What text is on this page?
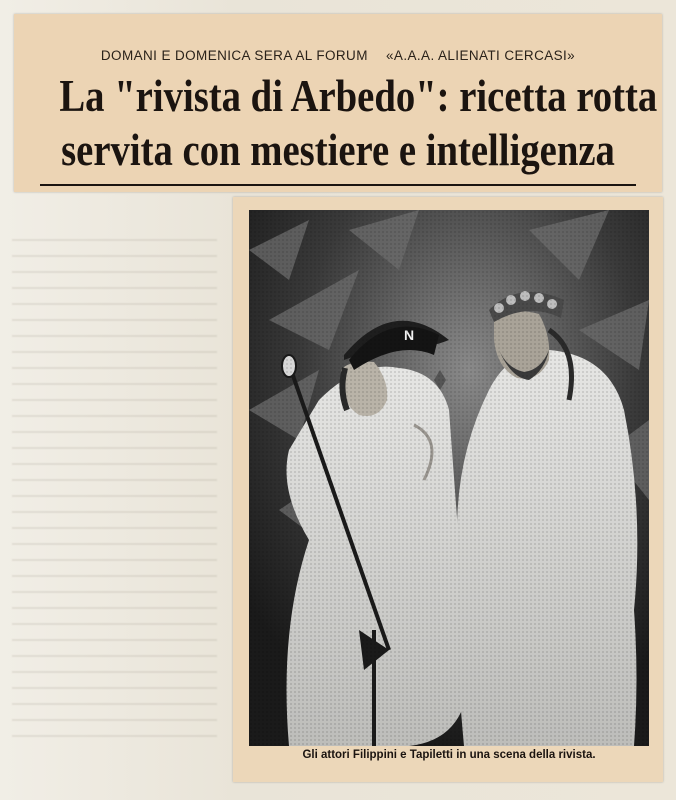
DOMANI E DOMENICA SERA AL FORUM «A.A.A. ALIENATI CERCASI»
La "rivista di Arbedo": ricetta rotta
servita con mestiere e intelligenza
Gli attori Filippini e Tapiletti in una scena della rivista.
